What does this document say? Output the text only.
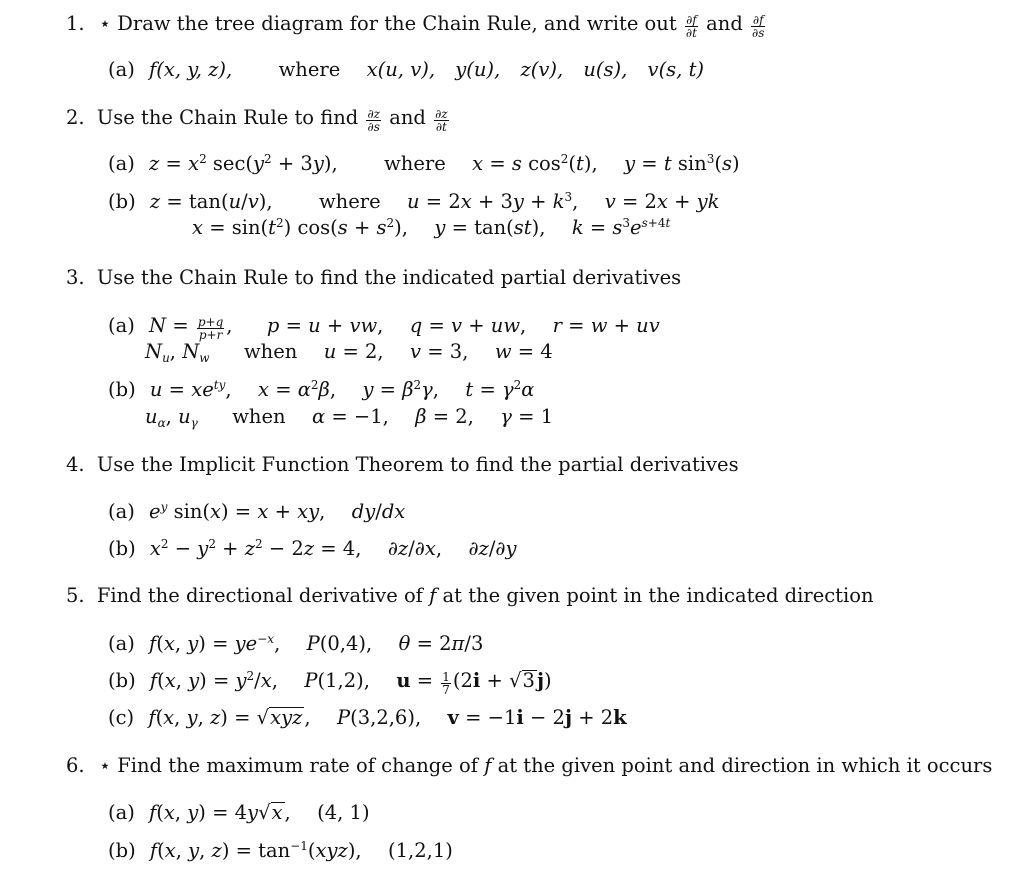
1. ⋆ Draw the tree diagram for the Chain Rule, and write out $\frac{\partial f}{\partial t}$ and $\frac{\partial f}{\partial s}$
(a) f(x, y, z), where x(u, v), y(u), z(v), u(s), v(s, t)
2. Use the Chain Rule to find $\frac{\partial z}{\partial s}$ and $\frac{\partial z}{\partial t}$
(a) $z = x^2$ $\sec(y^2 + 3y)$, where x = s $\cos^2(t)$, y = t $\sin^3(s)$
(b) z = tan(u/v), where $u = 2x + 3y + k^3$, v = 2x + yk
$x = \sin(t^2) \cos(s + s^2)$, y = tan(st), $k = s^3e^{s+4t}$
3. Use the Chain Rule to find the indicated partial derivatives
(a) $N = \frac{p+q}{p+r}$ , p = u + vw, q = v + uw, r = w + uv
$N_u$, $N_w$ when u = 2, v = 3, w = 4
(b) $u = xe^{ty}$, $x = \alpha^2\beta$, $y = \beta^2\gamma$, $t = \gamma^2\alpha$
$u_\alpha$, $u_\gamma$ when α = −1, β = 2, γ = 1
4. Use the Implicit Function Theorem to find the partial derivatives
(a) $e^y$ sin(x) = x + xy, dy/dx
(b) $x^2 - y^2 + z^2 - 2z = 4$, ∂z/∂x, ∂z/∂y
5. Find the directional derivative of f at the given point in the indicated direction
(a) f(x, $y) = ye^{-x}$, P(0,4), θ = 2π/3
(b) f(x, $y) = y^2/x$, P(1,2), $u = \frac{1}{7} (2i + √3$ j)
(c) f(x, y, z) = √xyz , P(3,2,6), v = −1i − 2j + 2k
6. ⋆ Find the maximum rate of change of f at the given point and direction in which it occurs
(a) f(x, y) = 4y√x , (4, 1)
(b) f(x, y, $z) = \tan^{-1}(xyz)$, (1,2,1)
